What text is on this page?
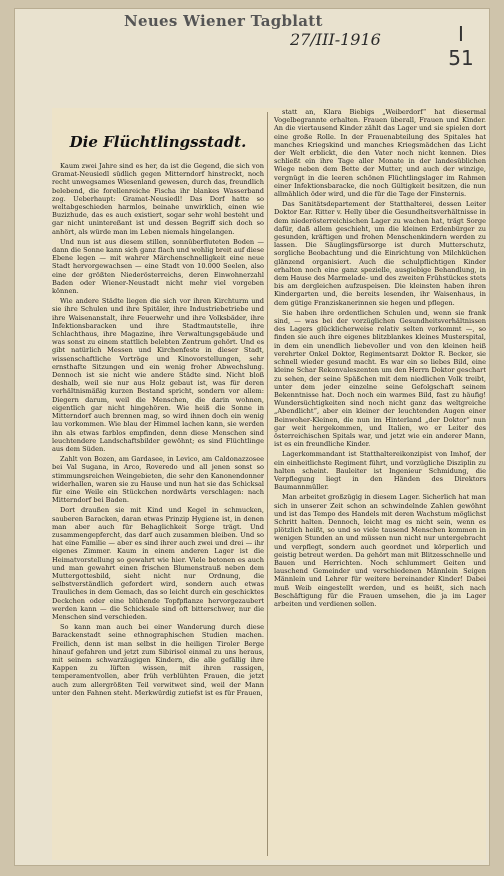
Neues Wiener Tagblatt
27/III-1916	I 51
Die Flüchtlingsstadt.

Kaum zwei Jahre sind es her, da ist die Gegend, die sich von Gramat-Neusiedl südlich gegen Mitterndorf hinstreckt, noch recht unwegsames Wiesenland gewesen, durch das, freundlich belebend, die forellenreiche Fischa ihr blankes Wasserband zog. Ueberhaupt: Gramat-Neusiedl! Das Dorf hatte so weltabgeschieden harmlos, beinahe unwirklich, einen wie Buzizhude, das es auch existiert, sogar sehr wohl besteht und gar nicht unintereßant ist und dessen Begriff sich doch so anhört, als würde man im Leben niemals hingelangen.

Und nun ist aus diesem stillen, sonnüberfluteten Boden — dann die Sonne kann sich ganz flach und wohlig breit auf diese Ebene legen — mit wahrer Märchenschnelligkeit eine neue Stadt hervorgewachsen — eine Stadt von 10.000 Seelen, also eine der größten Niederösterreichs, deren Einwohnerzahl Baden oder Wiener-Neustadt nicht mehr viel vorgeben können.

Wie andere Städte liegen die sich vor ihren Kirchturm und sie ihre Schulen und ihre Spitäler, ihre Industriebetriebe und ihre Waisenanstalt, ihre Feuerwehr und ihre Volksbäder, ihre Infektionsbaracken und ihre Stadtmautstelle, ihre Schlachthaus, ihre Magazine, ihre Verwaltungsgebäude und was sonst zu einem stattlich belebten Zentrum gehört. Und es gibt natürlich Messen und Kirchenfeste in dieser Stadt, wissenschaftliche Vorträge und Kinovorstellungen, sehr ernsthafte Sitzungen und ein wenig froher Abwechslung. Dennoch ist sie nicht wie andere Städte sind. Nicht bloß deshalb, weil sie nur aus Holz gebaut ist, was für deren verhältnismäßig kurzen Bestand spricht, sondern vor allem: Diegern darum, weil die Menschen, die darin wohnen, eigentlich gar nicht hingehören. Wie heiß die Sonne in Mitterndorf auch brennen mag, so wird ihnen doch ein wenig lau vorkommen. Wie blau der Himmel lachen kann, sie werden ihn als etwas farblos empfinden, denn diese Menschen sind leuchtendere Landschaftsbilder gewöhnt; es sind Flüchtlinge aus dem Süden.

Zahlt von Bozen, am Gardasee, in Levico, am Caldonazzosee bei Val Sugana, in Arco, Roveredo und all jenen sonst so stimmungsreichen Weingebieten, die sehr den Kanonendonner widerhallen, waren sie zu Hause und nun hat sie das Schicksal für eine Weile ein Stückchen nordwärts verschlagen: nach Mitterndorf bei Baden.

Dort draußen sie mit Kind und Kegel in schmucken, sauberen Baracken, daran etwas Prinzip Hygiene ist, in denen man aber auch für Behaglichkeit Sorge trägt. Und zusammengepfercht, das darf auch zusammen bleiben. Und so hat eine Familie — aber es sind ihrer auch zwei und drei — ihr eigenes Zimmer. Kaum in einem anderen Lager ist die Heimatvorstellung so gewahrt wie hier. Viele betonen es auch und man gewahrt einen frischen Blumenstrauß neben dem Muttergottesbild, sieht nicht nur Ordnung, die selbstverständlich gefordert wird, sondern auch etwas Trauliches in dem Gemach, das so leicht durch ein geschicktes Deckchen oder eine blühende Topfpflanze hervorgezaubert werden kann — die Schicksale sind oft bitterschwer, nur die Menschen sind verschieden.

So kann man auch bei einer Wanderung durch diese Barackenstadt seine ethnographischen Studien machen. Freilich, denn ist man selbst in die heiligen Tiroler Berge hinauf gefahren und jetzt zum Sibirisol einmal zu uns heraus, mit seinem schwarzäugigen Kindern, die alle gefällig ihre Kappen zu lüften wissen, mit ihren rassigen, temperamentvollen, aber früh verblühten Frauen, die jetzt auch zum allergrößten Teil verwitwet sind, weil der Mann unter den Fahnen steht. Merkwürdig zutiefst ist es für Frauen,

statt an, Klara Biebigs „Weiberdorf“ hat diesermal Vogelbegrannte erhalten. Frauen überall, Frauen und Kinder. An die viertausend Kinder zählt das Lager und sie spielen dort eine große Rolle. In der Frauenabteilung des Spitales hat manches Kriegskind und manches Kriegsmädchen das Licht der Welt erblickt, die den Vater noch nicht kennen. Dies schließt ein ihre Tage aller Monate in der landesüblichen Wiege neben dem Bette der Mutter, und auch der winzige, vergnügt in die leeren schönen Flüchtlingslager im Rahmen einer Infektionsbaracke, die noch Gültigkeit besitzen, die nun allmählich öder wird, und die für die Tage der Finsternis.

Das Sanitätsdepartement der Statthalterei, dessen Leiter Doktor Ear. Ritter v. Helly über die Gesundheitsverhältnisse in dem niederösterreichischen Lager zu wachen hat, trägt Sorge dafür, daß allem geschieht, um die kleinen Erdenbürger zu gesunden, kräftigen und frohen Menschenkindern werden zu lassen. Die Säuglingsfürsorge ist durch Mutterschutz, sorgliche Beobachtung und die Einrichtung von Milchküchen glänzend organisiert. Auch die schulpflichtigen Kinder erhalten noch eine ganz spezielle, ausgiebige Behandlung, in dem Hause des Marmelade- und des zweiten Frühstückes stets bis am dergleichen aufzuspeisen. Die kleinsten haben ihren Kindergarten und, die bereits lesenden, ihr Waisenhaus, in dem gütige Franziskanerinnen sie hegen und pflegen.

Sie haben ihre ordentlichen Schulen und, wenn sie frank sind, — was bei der vorzüglichen Gesundheitsverhältnissen des Lagers glücklicherweise relativ selten vorkommt —, so finden sie auch ihre eigenes blitzblankes kleines Musterspital, in dem ein unendlich liebevoller und von den kleinen heiß verehrter Onkel Doktor, Regimentsarzt Doktor R. Becker, sie schnell wieder gesund macht. Es war ein so liebes Bild, eine kleine Schar Rekonvaleszenten um den Herrn Doktor geschart zu sehen, der seine Späßchen mit dem niedlichen Volk treibt, unter dem jeder einzelne seine Gefolgschaft seinem Bekenntnisse hat. Doch noch ein warmes Bild, fast zu häufig! Wundersüchtigkeiten sind noch nicht ganz das weltgreiche „Abendlicht“, aber ein kleiner der leuchtenden Augen einer Beinwoher-Kleinen, die nun im Hinterland „der Doktor“ nun gar weit hergekommen, und Italien, wo er Leiter des österreichischen Spitals war, und jetzt wie ein anderer Mann, ist es ein freundliche Kinder.

Lagerkommandant ist Statthaltereikonzipist von Imhof, der ein einheitlichste Regiment führt, und vorzügliche Disziplin zu halten scheint. Bauleiter ist Ingenieur Schmidung, die Verpflegung liegt in den Händen des Direktors Baumannmüller.

Man arbeitet großzügig in diesem Lager. Sicherlich hat man sich in unserer Zeit schon an schwindelnde Zahlen gewöhnt und ist das Tempo des Handels mit deren Wachstum möglichst Schritt halten. Dennoch, leicht mag es nicht sein, wenn es plötzlich heißt, so und so viele tausend Menschen kommen in wenigen Stunden an und müssen nun nicht nur untergebracht und verpflegt, sondern auch geordnet und körperlich und geistig betreut werden. Da gehört man mit Blitzesschnelle und Bauen und Herrichten. Noch schlummert Geiten und lauschend Gemeinder und verschiedenen Männlein Seigen Männlein und Lehrer für weitere bereinander Kinder! Dabei muß Weib eingestellt werden, und es heißt, sich nach Beschäftigung für die Frauen umsehen, die ja im Lager arbeiten und verdienen sollen.
